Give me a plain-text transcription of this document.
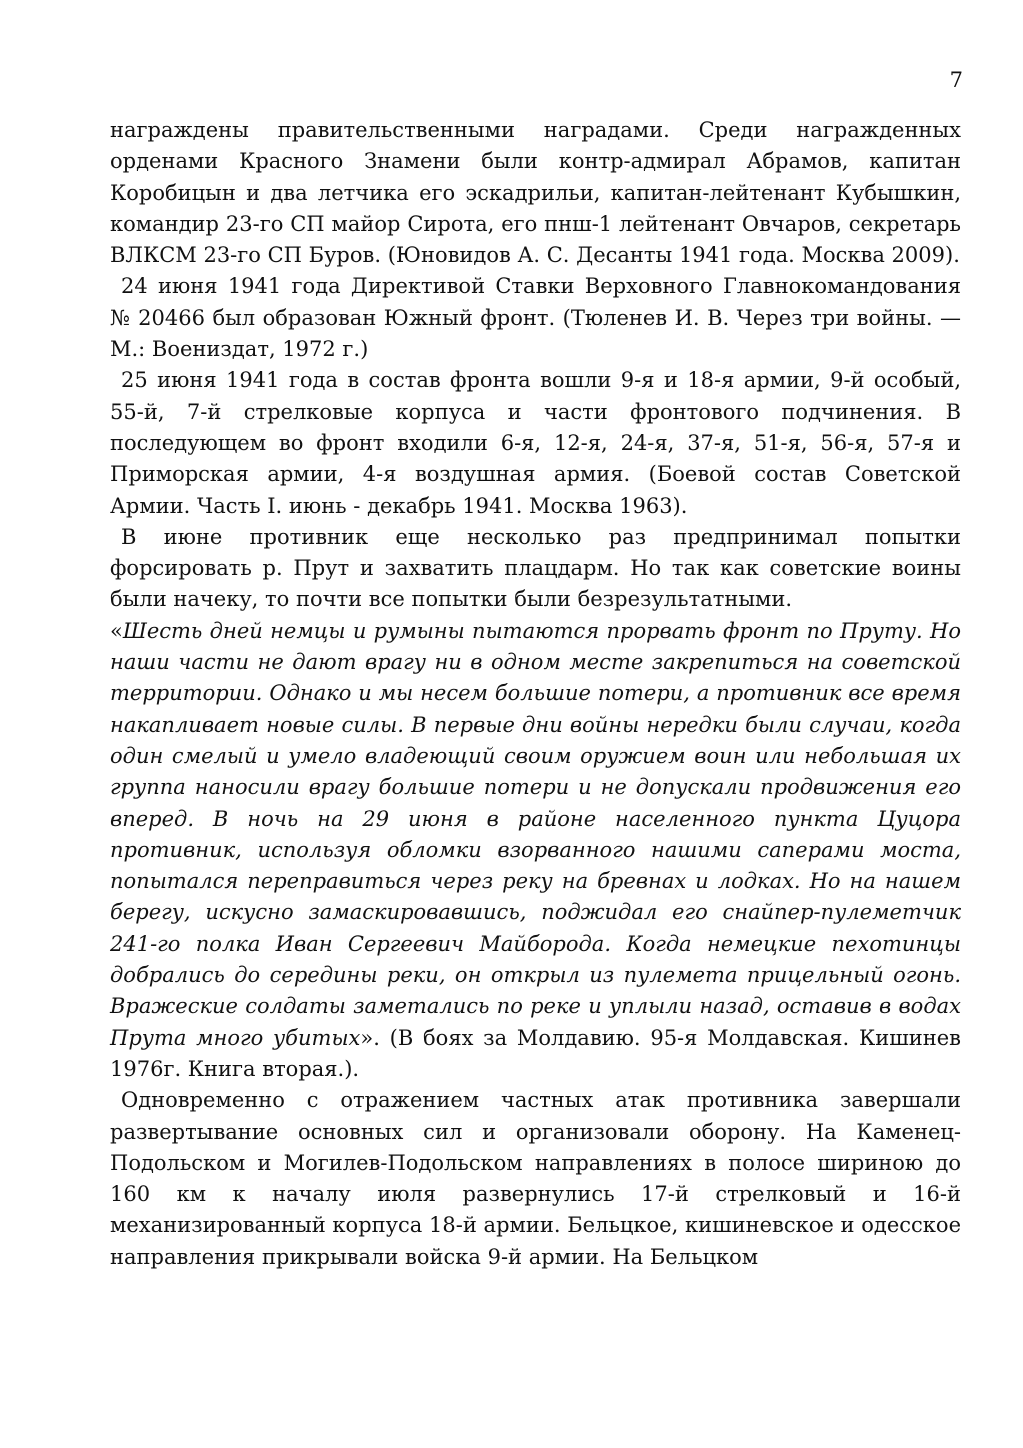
7

награждены правительственными наградами. Среди награжденных орденами Красного Знамени были контр-адмирал Абрамов, капитан Коробицын и два летчика его эскадрильи, капитан-лейтенант Кубышкин, командир 23-го СП майор Сирота, его пнш-1 лейтенант Овчаров, секретарь ВЛКСМ 23-го СП Буров. (Юновидов А. С. Десанты 1941 года. Москва 2009).

24 июня 1941 года Директивой Ставки Верховного Главнокомандования № 20466 был образован Южный фронт. (Тюленев И. В. Через три войны. — М.: Воениздат, 1972 г.)

25 июня 1941 года в состав фронта вошли 9-я и 18-я армии, 9-й особый, 55-й, 7-й стрелковые корпуса и части фронтового подчинения. В последующем во фронт входили 6-я, 12-я, 24-я, 37-я, 51-я, 56-я, 57-я и Приморская армии, 4-я воздушная армия. (Боевой состав Советской Армии. Часть I. июнь - декабрь 1941. Москва 1963).

В июне противник еще несколько раз предпринимал попытки форсировать р. Прут и захватить плацдарм. Но так как советские воины были начеку, то почти все попытки были безрезультатными.

«Шесть дней немцы и румыны пытаются прорвать фронт по Пруту. Но наши части не дают врагу ни в одном месте закрепиться на советской территории. Однако и мы несем большие потери, а противник все время накапливает новые силы. В первые дни войны нередки были случаи, когда один смелый и умело владеющий своим оружием воин или небольшая их группа наносили врагу большие потери и не допускали продвижения его вперед. В ночь на 29 июня в районе населенного пункта Цуцора противник, используя обломки взорванного нашими саперами моста, попытался переправиться через реку на бревнах и лодках. Но на нашем берегу, искусно замаскировавшись, поджидал его снайпер-пулеметчик 241-го полка Иван Сергеевич Майборода. Когда немецкие пехотинцы добрались до середины реки, он открыл из пулемета прицельный огонь. Вражеские солдаты заметались по реке и уплыли назад, оставив в водах Прута много убитых». (В боях за Молдавию. 95-я Молдавская. Кишинев 1976г. Книга вторая.).

Одновременно с отражением частных атак противника завершали развертывание основных сил и организовали оборону. На Каменец-Подольском и Могилев-Подольском направлениях в полосе шириною до 160 км к началу июля развернулись 17-й стрелковый и 16-й механизированный корпуса 18-й армии. Бельцкое, кишиневское и одесское направления прикрывали войска 9-й армии. На Бельцком
